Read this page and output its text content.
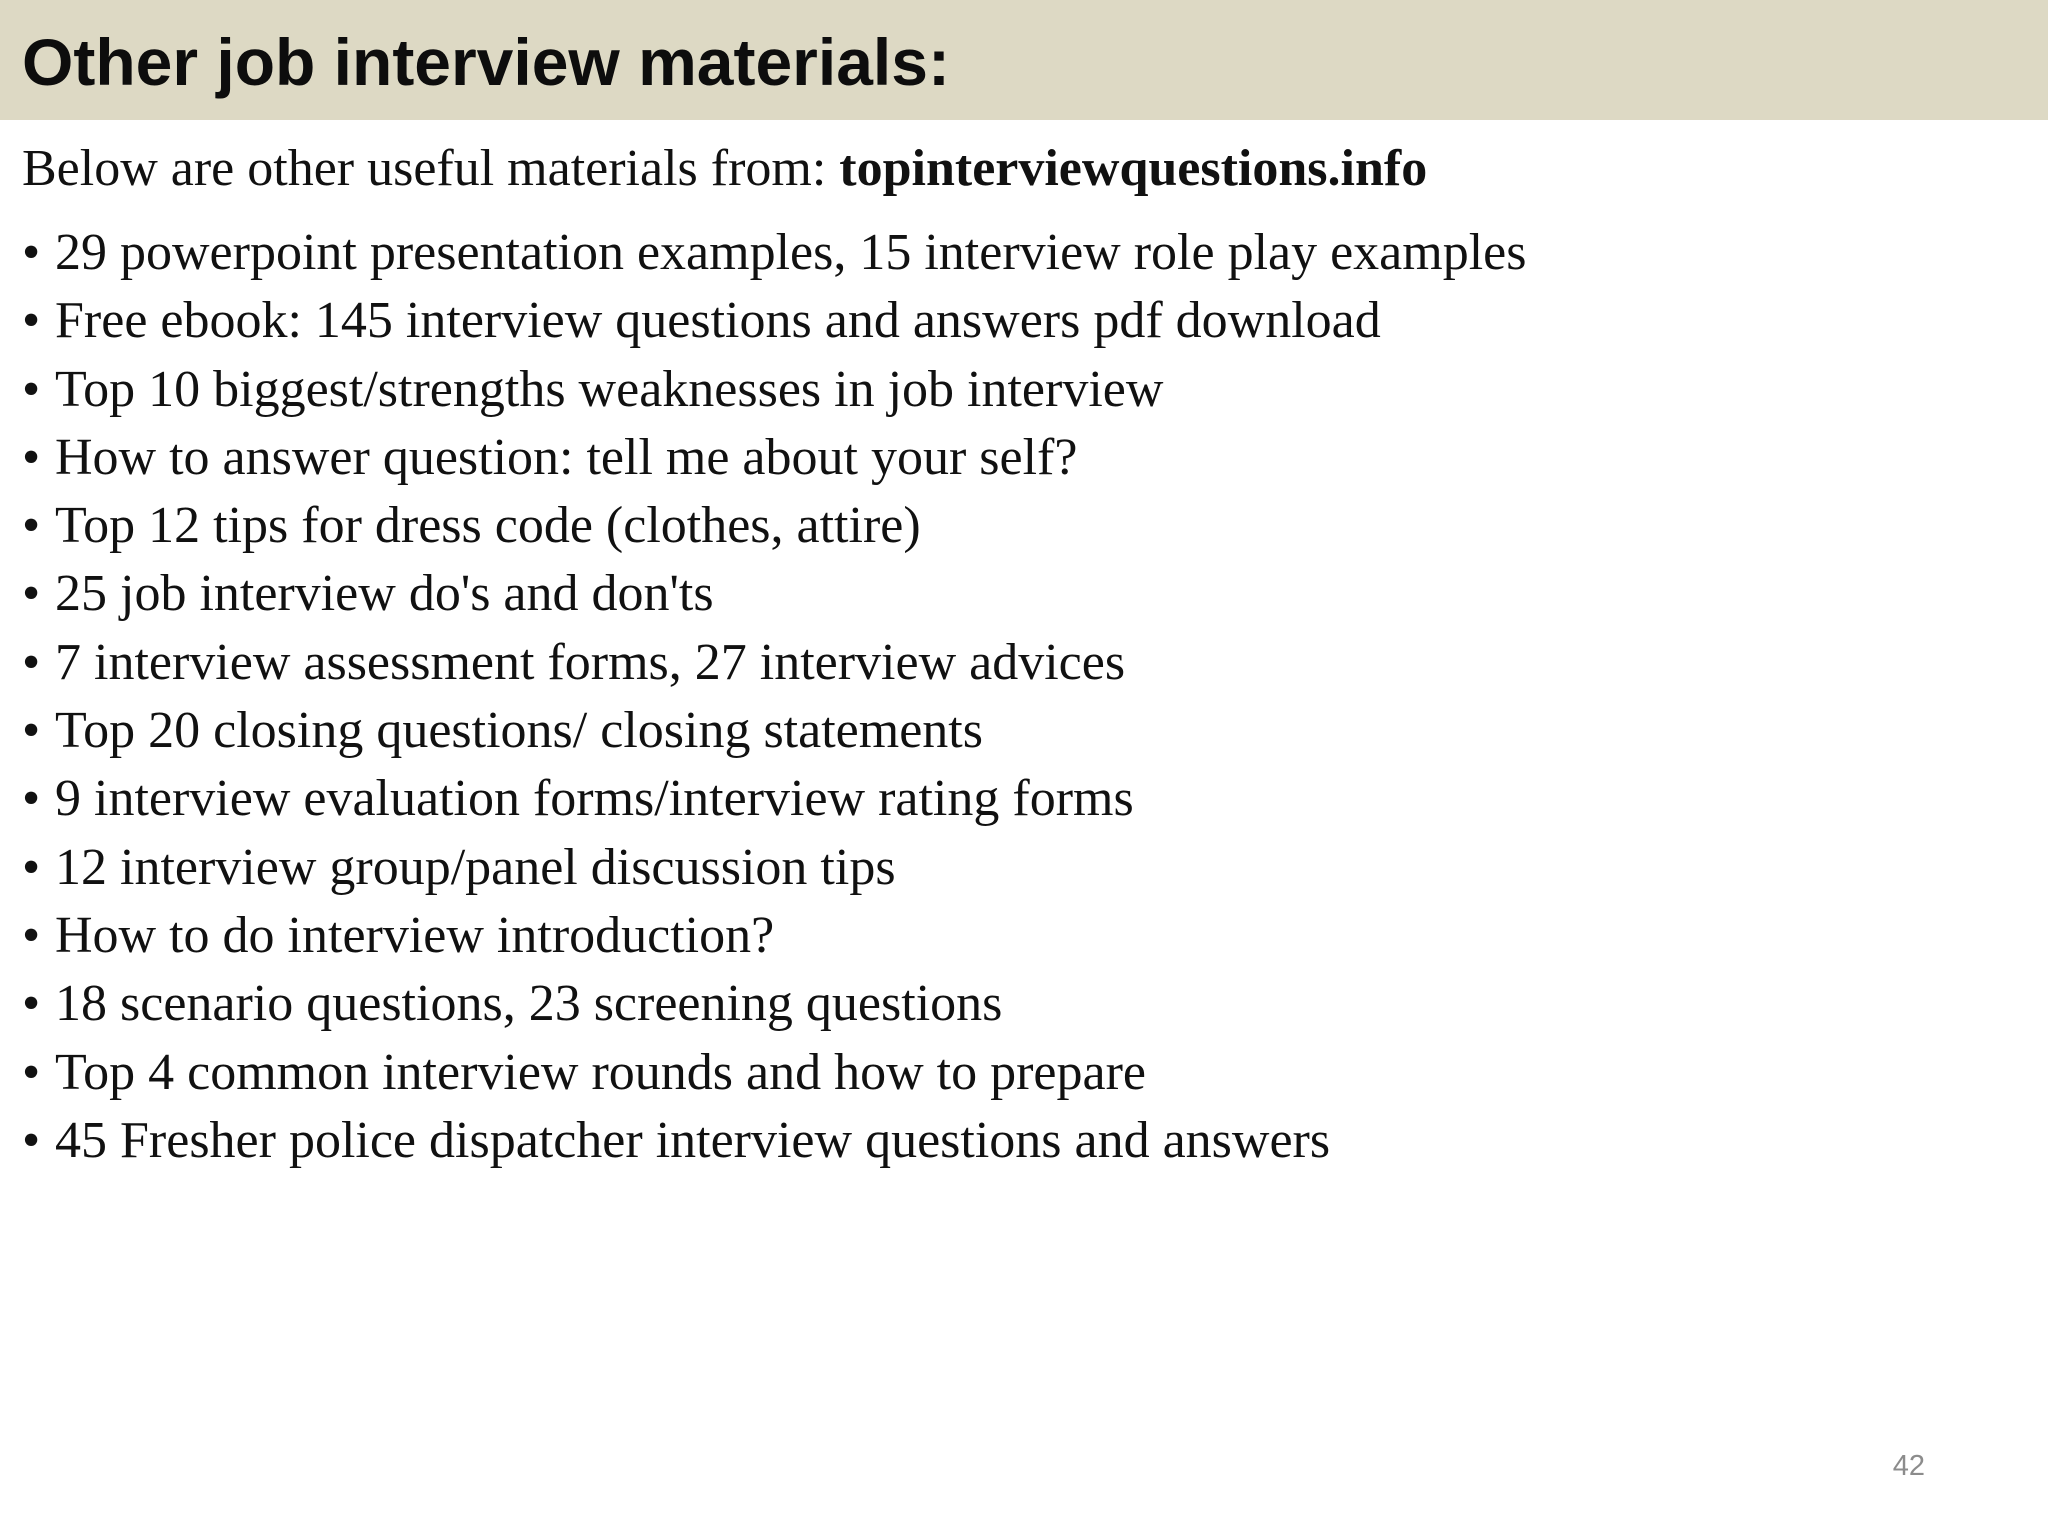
Other job interview materials:
Below are other useful materials from: topinterviewquestions.info
• 29 powerpoint presentation examples, 15 interview role play examples
• Free ebook: 145 interview questions and answers pdf download
• Top 10 biggest/strengths weaknesses in job interview
• How to answer question: tell me about your self?
• Top 12 tips for dress code (clothes, attire)
• 25 job interview do's and don'ts
• 7 interview assessment forms, 27 interview advices
• Top 20 closing questions/ closing statements
• 9 interview evaluation forms/interview rating forms
• 12 interview group/panel discussion tips
• How to do interview introduction?
• 18 scenario questions, 23 screening questions
• Top 4 common interview rounds and how to prepare
• 45 Fresher police dispatcher interview questions and answers
42
